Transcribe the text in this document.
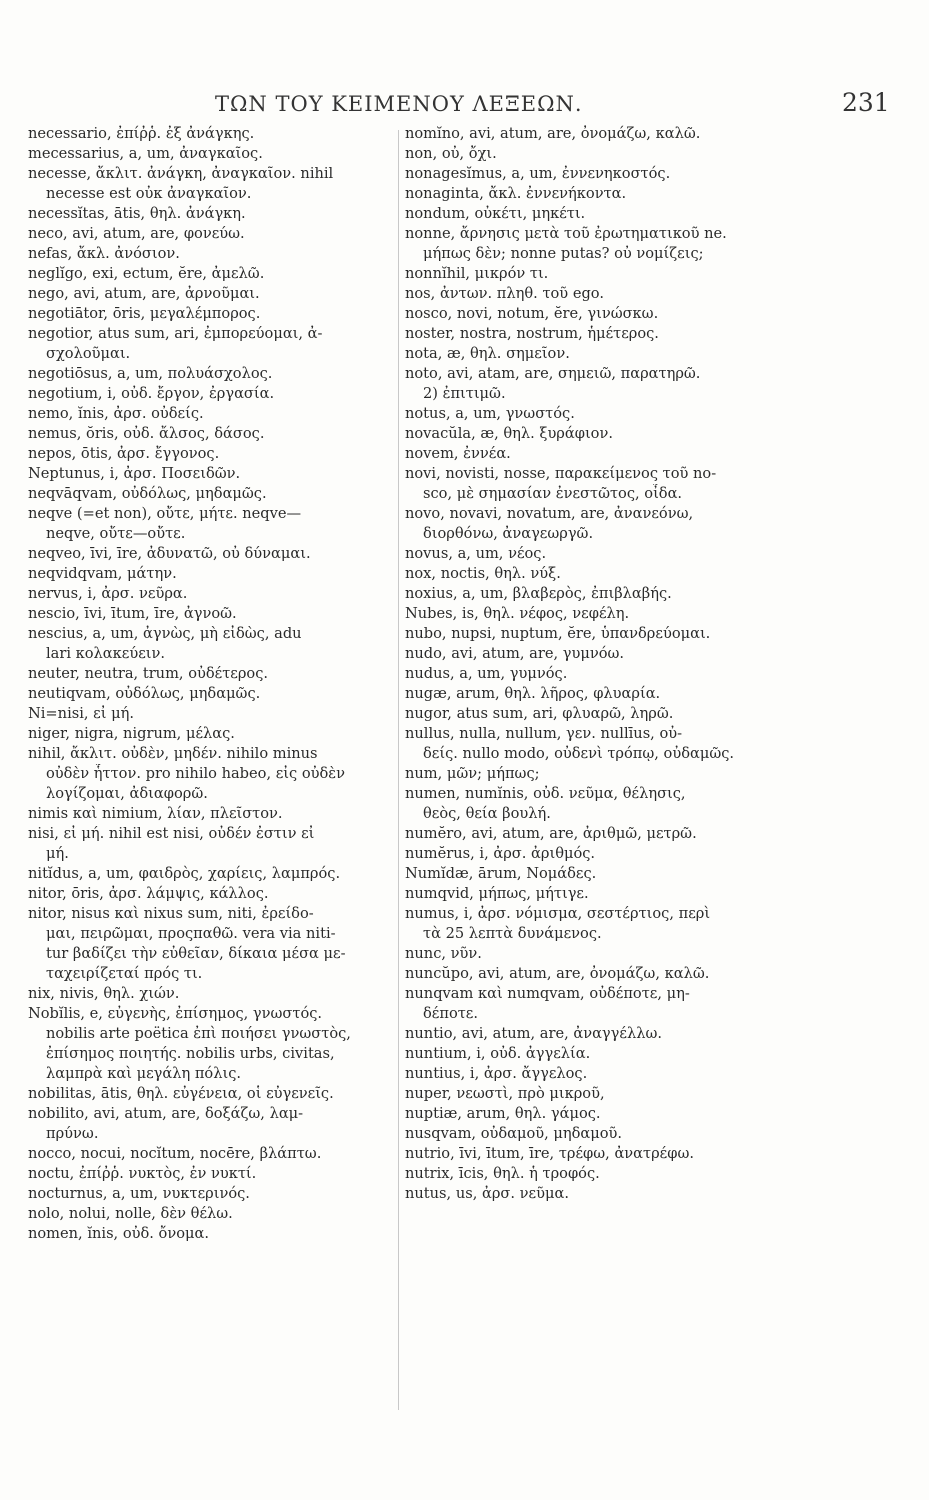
ΤΩΝ ΤΟΥ ΚΕΙΜΕΝΟΥ ΛΕΞΕΩΝ.	231
necessario, ἐπίῤῥ. ἐξ ἀνάγκης.
mecessarius, a, um, ἀναγκαῖος.
necesse, ἄκλιτ. ἀνάγκη, ἀναγκαῖον. nihil
necesse est οὐκ ἀναγκαῖον.
necessĭtas, ātis, θηλ. ἀνάγκη.
neco, avi, atum, are, φονεύω.
nefas, ἄκλ. ἀνόσιον.
neglĭgo, exi, ectum, ĕre, ἀμελῶ.
nego, avi, atum, are, ἀρνοῦμαι.
negotiātor, ōris, μεγαλέμπορος.
negotior, atus sum, ari, ἐμπορεύομαι, ἀ-
σχολοῦμαι.
negotiōsus, a, um, πολυάσχολος.
negotium, i, οὐδ. ἔργον, ἐργασία.
nemo, ĭnis, ἀρσ. οὐδείς.
nemus, ŏris, οὐδ. ἄλσος, δάσος.
nepos, ōtis, ἀρσ. ἔγγονος.
Neptunus, i, ἀρσ. Ποσειδῶν.
neqvāqvam, οὐδόλως, μηδαμῶς.
neqve (=et non), οὔτε, μήτε. neqve—
neqve, οὔτε—οὔτε.
neqveo, īvi, īre, ἀδυνατῶ, οὐ δύναμαι.
neqvidqvam, μάτην.
nervus, i, ἀρσ. νεῦρα.
nescio, īvi, ītum, īre, ἀγνοῶ.
nescius, a, um, ἀγνὼς, μὴ εἰδὼς, adu
lari κολακεύειν.
neuter, neutra, trum, οὐδέτερος.
neutiqvam, οὐδόλως, μηδαμῶς.
Ni=nisi, εἰ μή.
niger, nigra, nigrum, μέλας.
nihil, ἄκλιτ. οὐδὲν, μηδέν. nihilo minus
οὐδὲν ἧττον. pro nihilo habeo, εἰς οὐδὲν
λογίζομαι, ἀδιαφορῶ.
nimis καὶ nimium, λίαν, πλεῖστον.
nisi, εἰ μή. nihil est nisi, οὐδέν ἐστιν εἰ
μή.
nitĭdus, a, um, φαιδρὸς, χαρίεις, λαμπρός.
nitor, ōris, ἀρσ. λάμψις, κάλλος.
nitor, nisus καὶ nixus sum, niti, ἐρείδο-
μαι, πειρῶμαι, προςπαθῶ. vera via niti-
tur βαδίζει τὴν εὐθεῖαν, δίκαια μέσα με-
ταχειρίζεταί πρός τι.
nix, nivis, θηλ. χιών.
Nobĭlis, e, εὐγενὴς, ἐπίσημος, γνωστός.
nobilis arte poëtica ἐπὶ ποιήσει γνωστὸς,
ἐπίσημος ποιητής. nobilis urbs, civitas,
λαμπρὰ καὶ μεγάλη πόλις.
nobilitas, ātis, θηλ. εὐγένεια, οἱ εὐγενεῖς.
nobilito, avi, atum, are, δοξάζω, λαμ-
πρύνω.
nocco, nocui, nocĭtum, nocēre, βλάπτω.
noctu, ἐπίῤῥ. νυκτὸς, ἐν νυκτί.
nocturnus, a, um, νυκτερινός.
nolo, nolui, nolle, δὲν θέλω.
nomen, ĭnis, οὐδ. ὄνομα.
nomĭno, avi, atum, are, ὀνομάζω, καλῶ.
non, οὐ, ὄχι.
nonagesĭmus, a, um, ἐννενηκοστός.
nonaginta, ἄκλ. ἐννενήκοντα.
nondum, οὐκέτι, μηκέτι.
nonne, ἄρνησις μετὰ τοῦ ἐρωτηματικοῦ ne.
μήπως δὲν; nonne putas? οὐ νομίζεις;
nonnĭhil, μικρόν τι.
nos, ἀντων. πληθ. τοῦ ego.
nosco, novi, notum, ĕre, γινώσκω.
noster, nostra, nostrum, ἡμέτερος.
nota, æ, θηλ. σημεῖον.
noto, avi, atam, are, σημειῶ, παρατηρῶ.
2) ἐπιτιμῶ.
notus, a, um, γνωστός.
novacŭla, æ, θηλ. ξυράφιον.
novem, ἐννέα.
novi, novisti, nosse, παρακείμενος τοῦ no-
sco, μὲ σημασίαν ἐνεστῶτος, οἶδα.
novo, novavi, novatum, are, ἀνανεόνω,
διορθόνω, ἀναγεωργῶ.
novus, a, um, νέος.
nox, noctis, θηλ. νύξ.
noxius, a, um, βλαβερὸς, ἐπιβλαβής.
Nubes, is, θηλ. νέφος, νεφέλη.
nubo, nupsi, nuptum, ĕre, ὑπανδρεύομαι.
nudo, avi, atum, are, γυμνόω.
nudus, a, um, γυμνός.
nugæ, arum, θηλ. λῆρος, φλυαρία.
nugor, atus sum, ari, φλυαρῶ, ληρῶ.
nullus, nulla, nullum, γεν. nullīus, οὐ-
δείς. nullo modo, οὐδενὶ τρόπῳ, οὐδαμῶς.
num, μῶν; μήπως;
numen, numĭnis, οὐδ. νεῦμα, θέλησις,
θεὸς, θεία βουλή.
numĕro, avi, atum, are, ἀριθμῶ, μετρῶ.
numĕrus, i, ἀρσ. ἀριθμός.
Numĭdæ, ārum, Νομάδες.
numqvid, μήπως, μήτιγε.
numus, i, ἀρσ. νόμισμα, σεστέρτιος, περὶ
τὰ 25 λεπτὰ δυνάμενος.
nunc, νῦν.
nuncŭpo, avi, atum, are, ὀνομάζω, καλῶ.
nunqvam καὶ numqvam, οὐδέποτε, μη-
δέποτε.
nuntio, avi, atum, are, ἀναγγέλλω.
nuntium, i, οὐδ. ἀγγελία.
nuntius, i, ἀρσ. ἄγγελος.
nuper, νεωστὶ, πρὸ μικροῦ,
nuptiæ, arum, θηλ. γάμος.
nusqvam, οὐδαμοῦ, μηδαμοῦ.
nutrio, īvi, ītum, īre, τρέφω, ἀνατρέφω.
nutrix, īcis, θηλ. ἡ τροφός.
nutus, us, ἀρσ. νεῦμα.
